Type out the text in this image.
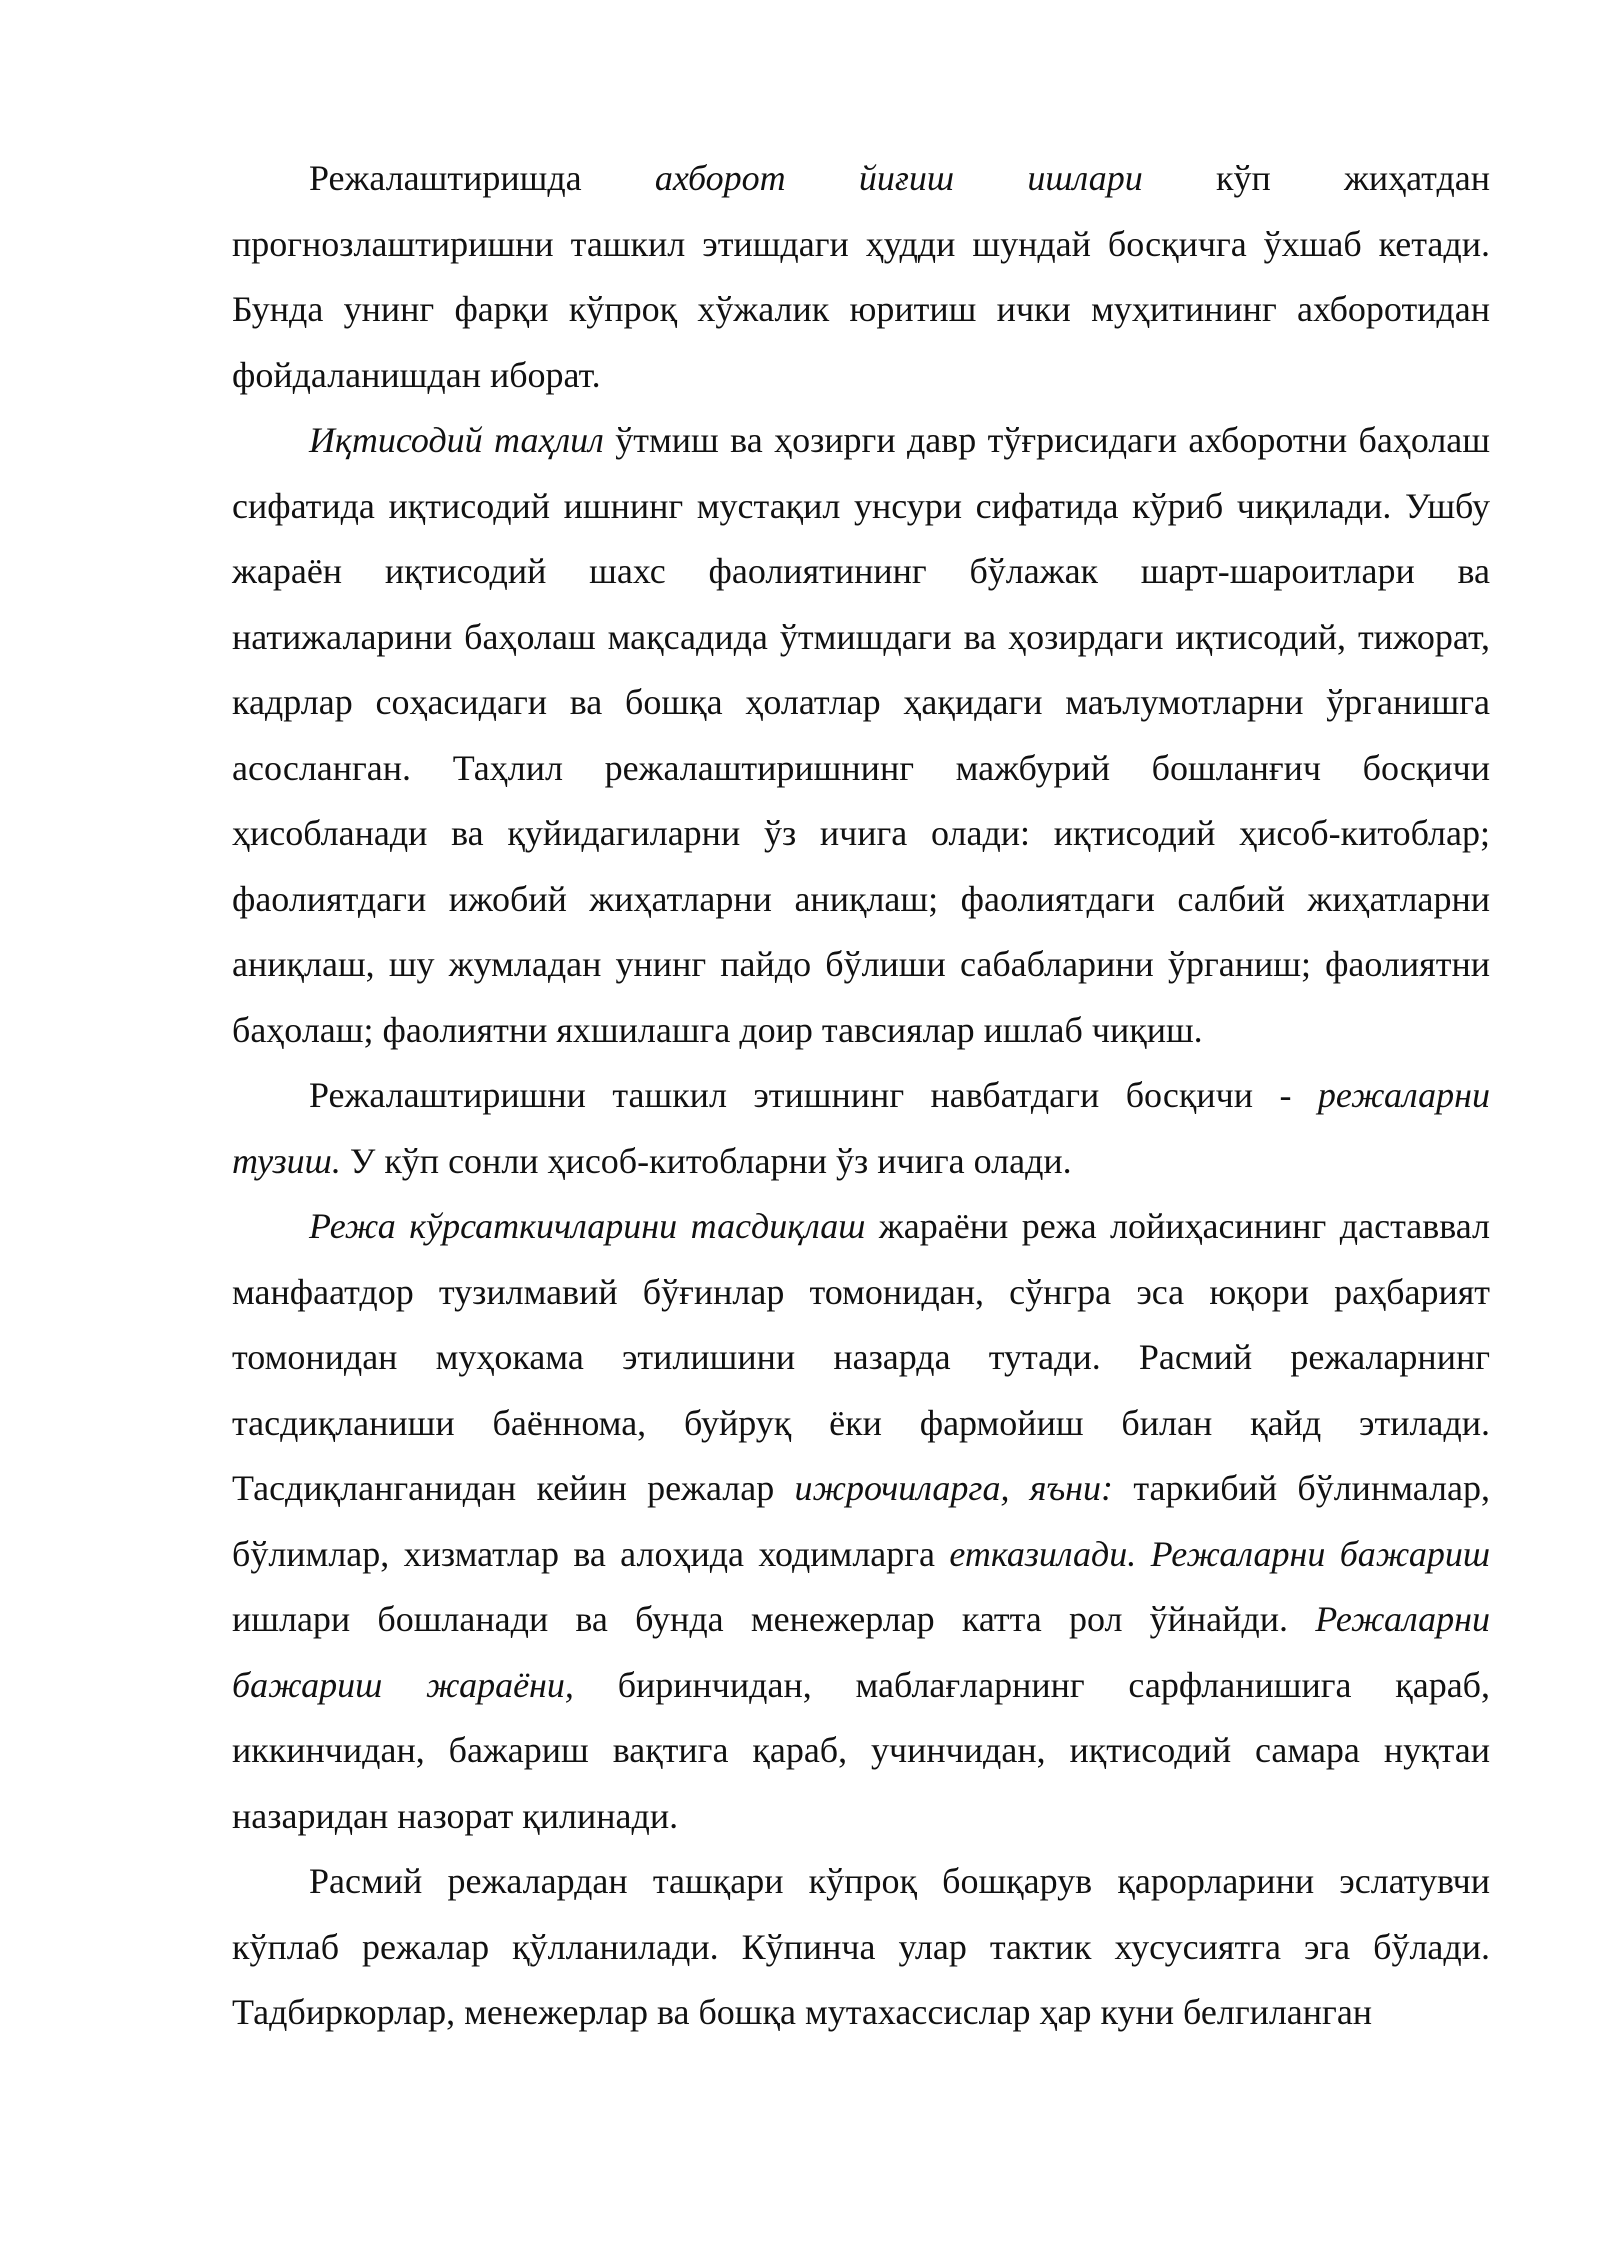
Режалаштиришда ахборот йиғиш ишлари кўп жиҳатдан прогнозлаштиришни ташкил этишдаги ҳудди шундай босқичга ўхшаб кетади. Бунда унинг фарқи кўпроқ хўжалик юритиш ички муҳитининг ахборотидан фойдаланишдан иборат.

Иқтисодий таҳлил ўтмиш ва ҳозирги давр тўғрисидаги ахборотни баҳолаш сифатида иқтисодий ишнинг мустақил унсури сифатида кўриб чиқилади. Ушбу жараён иқтисодий шахс фаолиятининг бўлажак шарт-шароитлари ва натижаларини баҳолаш мақсадида ўтмишдаги ва ҳозирдаги иқтисодий, тижорат, кадрлар соҳасидаги ва бошқа ҳолатлар ҳақидаги маълумотларни ўрганишга асосланган. Таҳлил режалаштиришнинг мажбурий бошланғич босқичи ҳисобланади ва қуйидагиларни ўз ичига олади: иқтисодий ҳисоб-китоблар; фаолиятдаги ижобий жиҳатларни аниқлаш; фаолиятдаги салбий жиҳатларни аниқлаш, шу жумладан унинг пайдо бўлиши сабабларини ўрганиш; фаолиятни баҳолаш; фаолиятни яхшилашга доир тавсиялар ишлаб чиқиш.

Режалаштиришни ташкил этишнинг навбатдаги босқичи - режаларни тузиш. У кўп сонли ҳисоб-китобларни ўз ичига олади.

Режа кўрсаткичларини тасдиқлаш жараёни режа лойиҳасининг даставвал манфаатдор тузилмавий бўғинлар томонидан, сўнгра эса юқори раҳбарият томонидан муҳокама этилишини назарда тутади. Расмий режаларнинг тасдиқланиши баённома, буйруқ ёки фармойиш билан қайд этилади. Тасдиқланганидан кейин режалар ижрочиларга, яъни: таркибий бўлинмалар, бўлимлар, хизматлар ва алоҳида ходимларга етказилади. Режаларни бажариш ишлари бошланади ва бунда менежерлар катта рол ўйнайди. Режаларни бажариш жараёни, биринчидан, маблағларнинг сарфланишига қараб, иккинчидан, бажариш вақтига қараб, учинчидан, иқтисодий самара нуқтаи назаридан назорат қилинади.

Расмий режалардан ташқари кўпроқ бошқарув қарорларини эслатувчи кўплаб режалар қўлланилади. Кўпинча улар тактик хусусиятга эга бўлади. Тадбиркорлар, менежерлар ва бошқа мутахассислар ҳар куни белгиланган
